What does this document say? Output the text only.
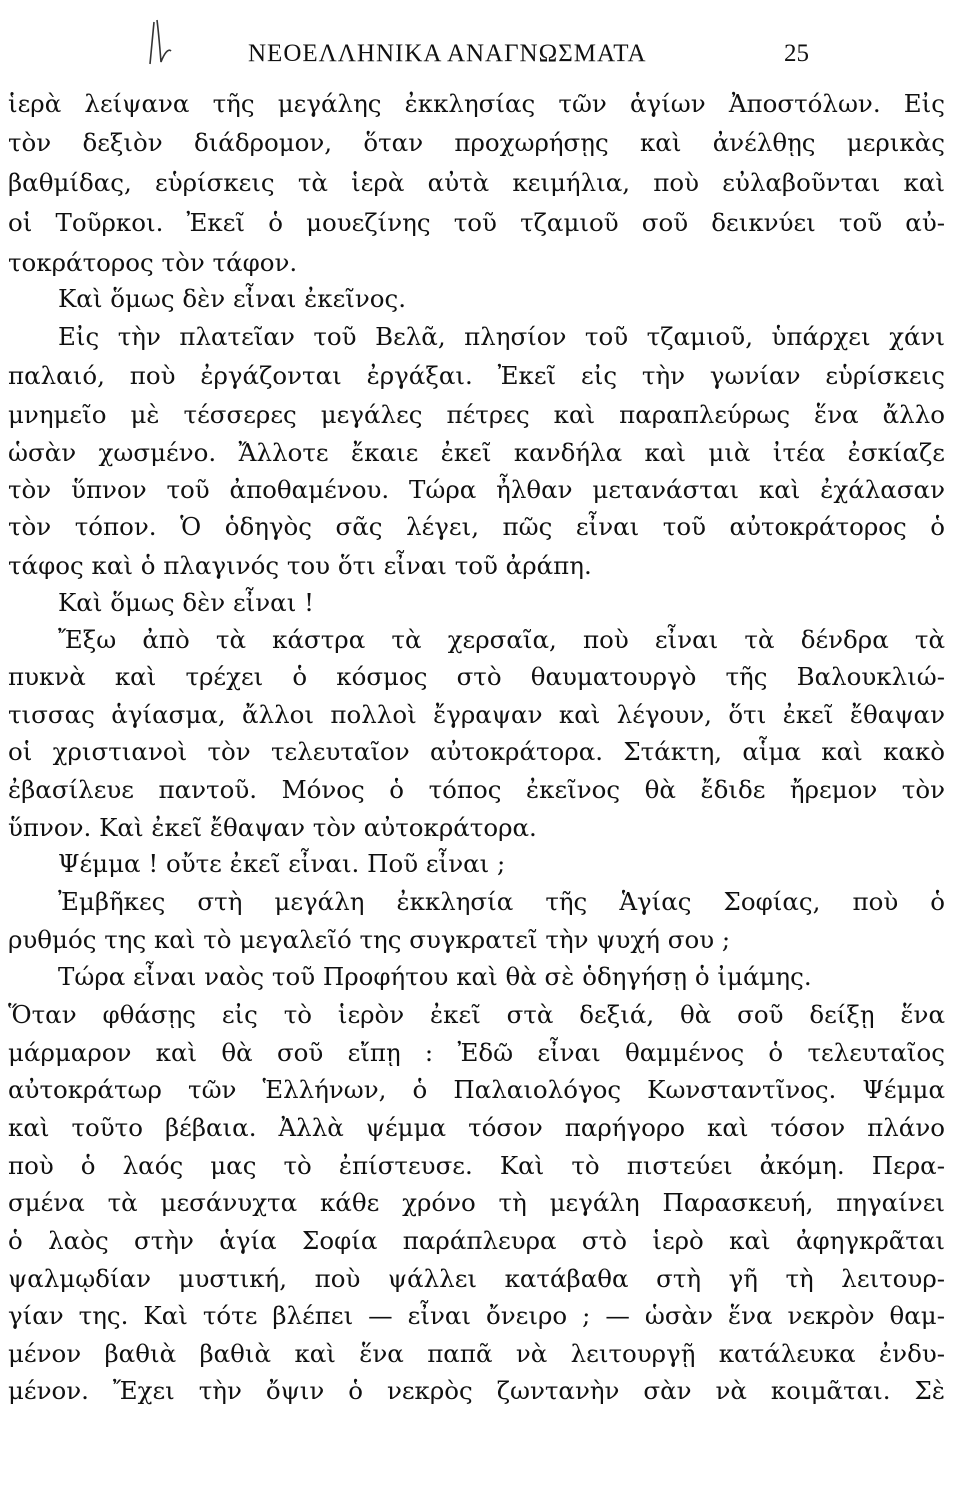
ΝΕΟΕΛΛΗΝΙΚΑ ΑΝΑΓΝΩΣΜΑΤΑ	25
ἱερὰ λείψανα τῆς μεγάλης ἐκκλησίας τῶν ἁγίων Ἀποστόλων. Εἰς
τὸν δεξιὸν διάδρομον, ὅταν προχωρήσῃς καὶ ἀνέλθῃς μερικὰς
βαθμίδας, εὑρίσκεις τὰ ἱερὰ αὐτὰ κειμήλια, ποὺ εὐλαβοῦνται καὶ
οἱ Τοῦρκοι. Ἐκεῖ ὁ μουεζίνης τοῦ τζαμιοῦ σοῦ δεικνύει τοῦ αὐ-
τοκράτορος τὸν τάφον.
Καὶ ὅμως δὲν εἶναι ἐκεῖνος.
Εἰς τὴν πλατεῖαν τοῦ Βελᾶ, πλησίον τοῦ τζαμιοῦ, ὑπάρχει χάνι
παλαιό, ποὺ ἐργάζονται ἐργάξαι. Ἐκεῖ εἰς τὴν γωνίαν εὑρίσκεις
μνημεῖο μὲ τέσσερες μεγάλες πέτρες καὶ παραπλεύρως ἕνα ἄλλο
ὡσὰν χωσμένο. Ἄλλοτε ἔκαιε ἐκεῖ κανδήλα καὶ μιὰ ἰτέα ἐσκίαζε
τὸν ὕπνον τοῦ ἀποθαμένου. Τώρα ἦλθαν μετανάσται καὶ ἐχάλασαν
τὸν τόπον. Ὁ ὁδηγὸς σᾶς λέγει, πῶς εἶναι τοῦ αὐτοκράτορος ὁ
τάφος καὶ ὁ πλαγινός του ὅτι εἶναι τοῦ ἀράπη.
Καὶ ὅμως δὲν εἶναι !
Ἔξω ἀπὸ τὰ κάστρα τὰ χερσαῖα, ποὺ εἶναι τὰ δένδρα τὰ
πυκνὰ καὶ τρέχει ὁ κόσμος στὸ θαυματουργὸ τῆς Βαλουκλιώ-
τισσας ἁγίασμα, ἄλλοι πολλοὶ ἔγραψαν καὶ λέγουν, ὅτι ἐκεῖ ἔθαψαν
οἱ χριστιανοὶ τὸν τελευταῖον αὐτοκράτορα. Στάκτη, αἷμα καὶ κακὸ
ἐβασίλευε παντοῦ. Μόνος ὁ τόπος ἐκεῖνος θὰ ἔδιδε ἤρεμον τὸν
ὕπνον. Καὶ ἐκεῖ ἔθαψαν τὸν αὐτοκράτορα.
Ψέμμα ! οὔτε ἐκεῖ εἶναι. Ποῦ εἶναι ;
Ἐμβῆκες στὴ μεγάλη ἐκκλησία τῆς Ἁγίας Σοφίας, ποὺ ὁ
ρυθμός της καὶ τὸ μεγαλεῖό της συγκρατεῖ τὴν ψυχή σου ;
Τώρα εἶναι ναὸς τοῦ Προφήτου καὶ θὰ σὲ ὁδηγήσῃ ὁ ἰμάμης.
Ὅταν φθάσῃς εἰς τὸ ἱερὸν ἐκεῖ στὰ δεξιά, θὰ σοῦ δείξῃ ἕνα
μάρμαρον καὶ θὰ σοῦ εἴπῃ : Ἐδῶ εἶναι θαμμένος ὁ τελευταῖος
αὐτοκράτωρ τῶν Ἑλλήνων, ὁ Παλαιολόγος Κωνσταντῖνος. Ψέμμα
καὶ τοῦτο βέβαια. Ἀλλὰ ψέμμα τόσον παρήγορο καὶ τόσον πλάνο
ποὺ ὁ λαός μας τὸ ἐπίστευσε. Καὶ τὸ πιστεύει ἀκόμη. Περα-
σμένα τὰ μεσάνυχτα κάθε χρόνο τὴ μεγάλη Παρασκευή, πηγαίνει
ὁ λαὸς στὴν ἁγία Σοφία παράπλευρα στὸ ἱερὸ καὶ ἀφηγκρᾶται
ψαλμῳδίαν μυστική, ποὺ ψάλλει κατάβαθα στὴ γῆ τὴ λειτουρ-
γίαν της. Καὶ τότε βλέπει — εἶναι ὄνειρο ; — ὡσὰν ἕνα νεκρὸν θαμ-
μένον βαθιὰ βαθιὰ καὶ ἕνα παπᾶ νὰ λειτουργῇ κατάλευκα ἐνδυ-
μένον. Ἔχει τὴν ὄψιν ὁ νεκρὸς ζωντανὴν σὰν νὰ κοιμᾶται. Σὲ
